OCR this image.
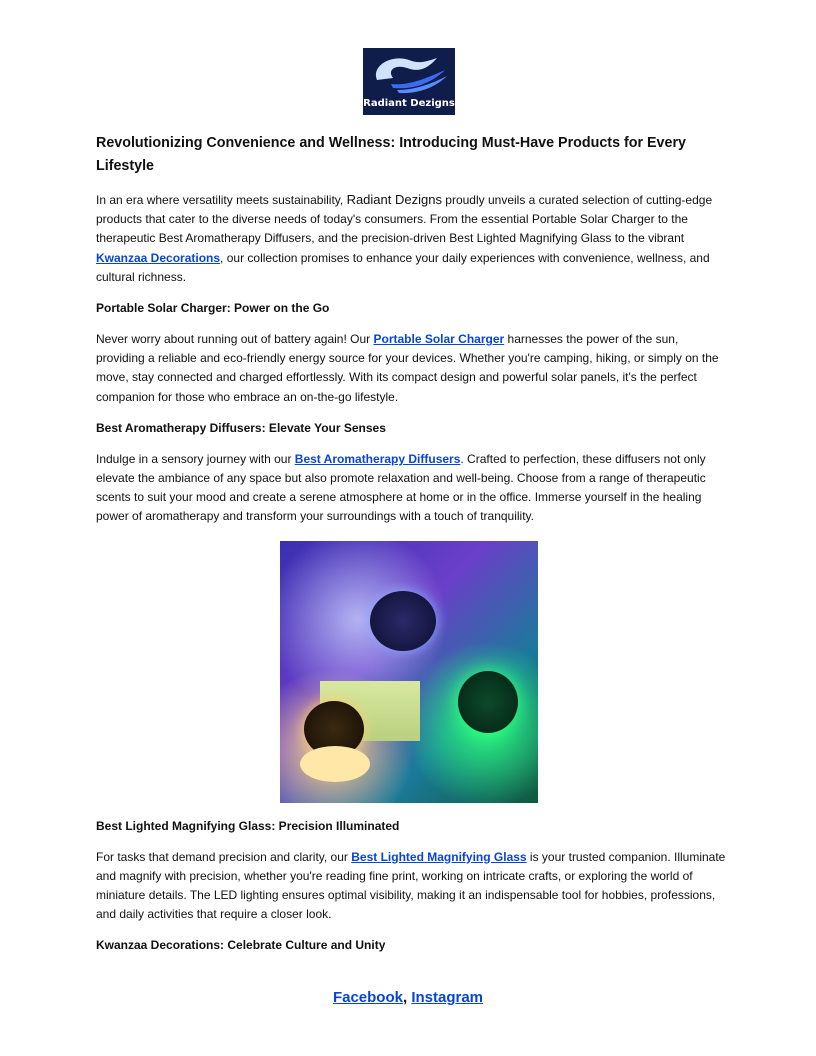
Radiant Dezigns
Revolutionizing Convenience and Wellness: Introducing Must-Have Products for Every Lifestyle

In an era where versatility meets sustainability, Radiant Dezigns proudly unveils a curated selection of cutting-edge products that cater to the diverse needs of today's consumers. From the essential Portable Solar Charger to the therapeutic Best Aromatherapy Diffusers, and the precision-driven Best Lighted Magnifying Glass to the vibrant Kwanzaa Decorations, our collection promises to enhance your daily experiences with convenience, wellness, and cultural richness.

Portable Solar Charger: Power on the Go

Never worry about running out of battery again! Our Portable Solar Charger harnesses the power of the sun, providing a reliable and eco-friendly energy source for your devices. Whether you're camping, hiking, or simply on the move, stay connected and charged effortlessly. With its compact design and powerful solar panels, it's the perfect companion for those who embrace an on-the-go lifestyle.

Best Aromatherapy Diffusers: Elevate Your Senses

Indulge in a sensory journey with our Best Aromatherapy Diffusers. Crafted to perfection, these diffusers not only elevate the ambiance of any space but also promote relaxation and well-being. Choose from a range of therapeutic scents to suit your mood and create a serene atmosphere at home or in the office. Immerse yourself in the healing power of aromatherapy and transform your surroundings with a touch of tranquility.

Best Lighted Magnifying Glass: Precision Illuminated

For tasks that demand precision and clarity, our Best Lighted Magnifying Glass is your trusted companion. Illuminate and magnify with precision, whether you're reading fine print, working on intricate crafts, or exploring the world of miniature details. The LED lighting ensures optimal visibility, making it an indispensable tool for hobbies, professions, and daily activities that require a closer look.

Kwanzaa Decorations: Celebrate Culture and Unity
Facebook, Instagram
